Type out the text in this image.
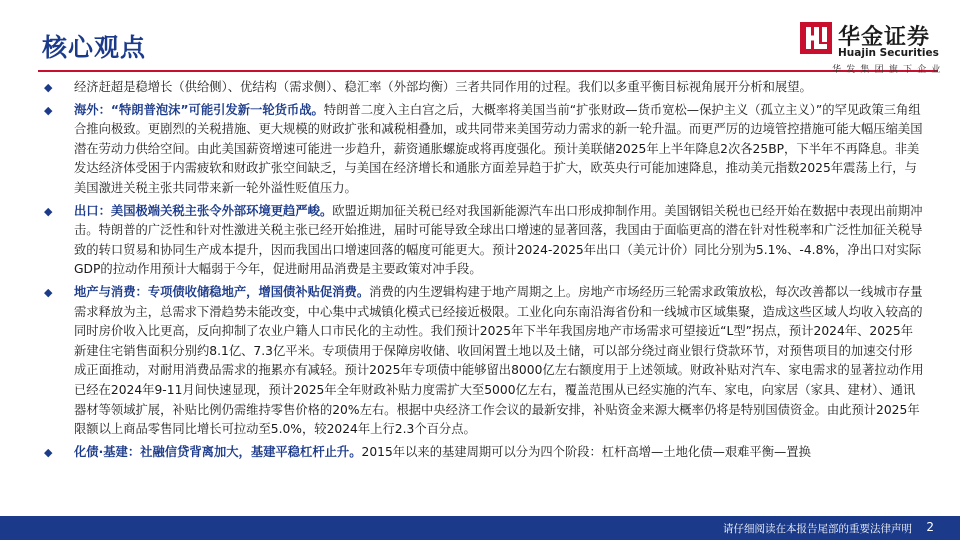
核心观点	华金证券
Huajin Securities
华发集团旗下企业
◆ 经济赶超是稳增长（供给侧）、优结构（需求侧）、稳汇率（外部均衡）三者共同作用的过程。我们以多重平衡目标视角展开分析和展望。
◆ 海外：“特朗普泡沫”可能引发新一轮货币战。特朗普二度入主白宫之后，大概率将美国当前“扩张财政—货币宽松—保护主义（孤立主义）”的罕见政策三角组合推向极致。更剧烈的关税措施、更大规模的财政扩张和减税相叠加，或共同带来美国劳动力需求的新一轮升温。而更严厉的边境管控措施可能大幅压缩美国潜在劳动力供给空间。由此美国薪资增速可能进一步趋升，薪资通胀螺旋或将再度强化。预计美联储2025年上半年降息2次各25BP，下半年不再降息。非美发达经济体受困于内需疲软和财政扩张空间缺乏，与美国在经济增长和通胀方面差异趋于扩大，欧英央行可能加速降息，推动美元指数2025年震荡上行，与美国激进关税主张共同带来新一轮外溢性贬值压力。
◆ 出口：美国极端关税主张令外部环境更趋严峻。欧盟近期加征关税已经对我国新能源汽车出口形成抑制作用。美国钢铝关税也已经开始在数据中表现出前期冲击。特朗普的广泛性和针对性激进关税主张已经开始推进，届时可能导致全球出口增速的显著回落，我国由于面临更高的潜在针对性税率和广泛性加征关税导致的转口贸易和协同生产成本提升，因而我国出口增速回落的幅度可能更大。预计2024-2025年出口（美元计价）同比分别为5.1%、-4.8%，净出口对实际GDP的拉动作用预计大幅弱于今年，促进耐用品消费是主要政策对冲手段。
◆ 地产与消费：专项债收储稳地产，增国债补贴促消费。消费的内生逻辑构建于地产周期之上。房地产市场经历三轮需求政策放松，每次改善都以一线城市存量需求释放为主，总需求下滑趋势未能改变，中心集中式城镇化模式已经接近极限。工业化向东南沿海省份和一线城市区域集聚，造成这些区域人均收入较高的同时房价收入比更高，反向抑制了农业户籍人口市民化的主动性。我们预计2025年下半年我国房地产市场需求可望接近“L型”拐点，预计2024年、2025年新建住宅销售面积分别约8.1亿、7.3亿平米。专项债用于保障房收储、收回闲置土地以及土储，可以部分绕过商业银行贷款环节，对预售项目的加速交付形成正面推动，对耐用消费品需求的拖累亦有减轻。预计2025年专项债中能够留出8000亿左右额度用于上述领域。财政补贴对汽车、家电需求的显著拉动作用已经在2024年9-11月间快速显现，预计2025年全年财政补贴力度需扩大至5000亿左右，覆盖范围从已经实施的汽车、家电，向家居（家具、建材）、通讯器材等领域扩展，补贴比例仍需维持零售价格的20%左右。根据中央经济工作会议的最新安排，补贴资金来源大概率仍将是特别国债资金。由此预计2025年限额以上商品零售同比增长可拉动至5.0%，较2024年上行2.3个百分点。
◆ 化债·基建：社融信贷背离加大，基建平稳杠杆止升。2015年以来的基建周期可以分为四个阶段：杠杆高增—土地化债—艰难平衡—置换
请仔细阅读在本报告尾部的重要法律声明 2
